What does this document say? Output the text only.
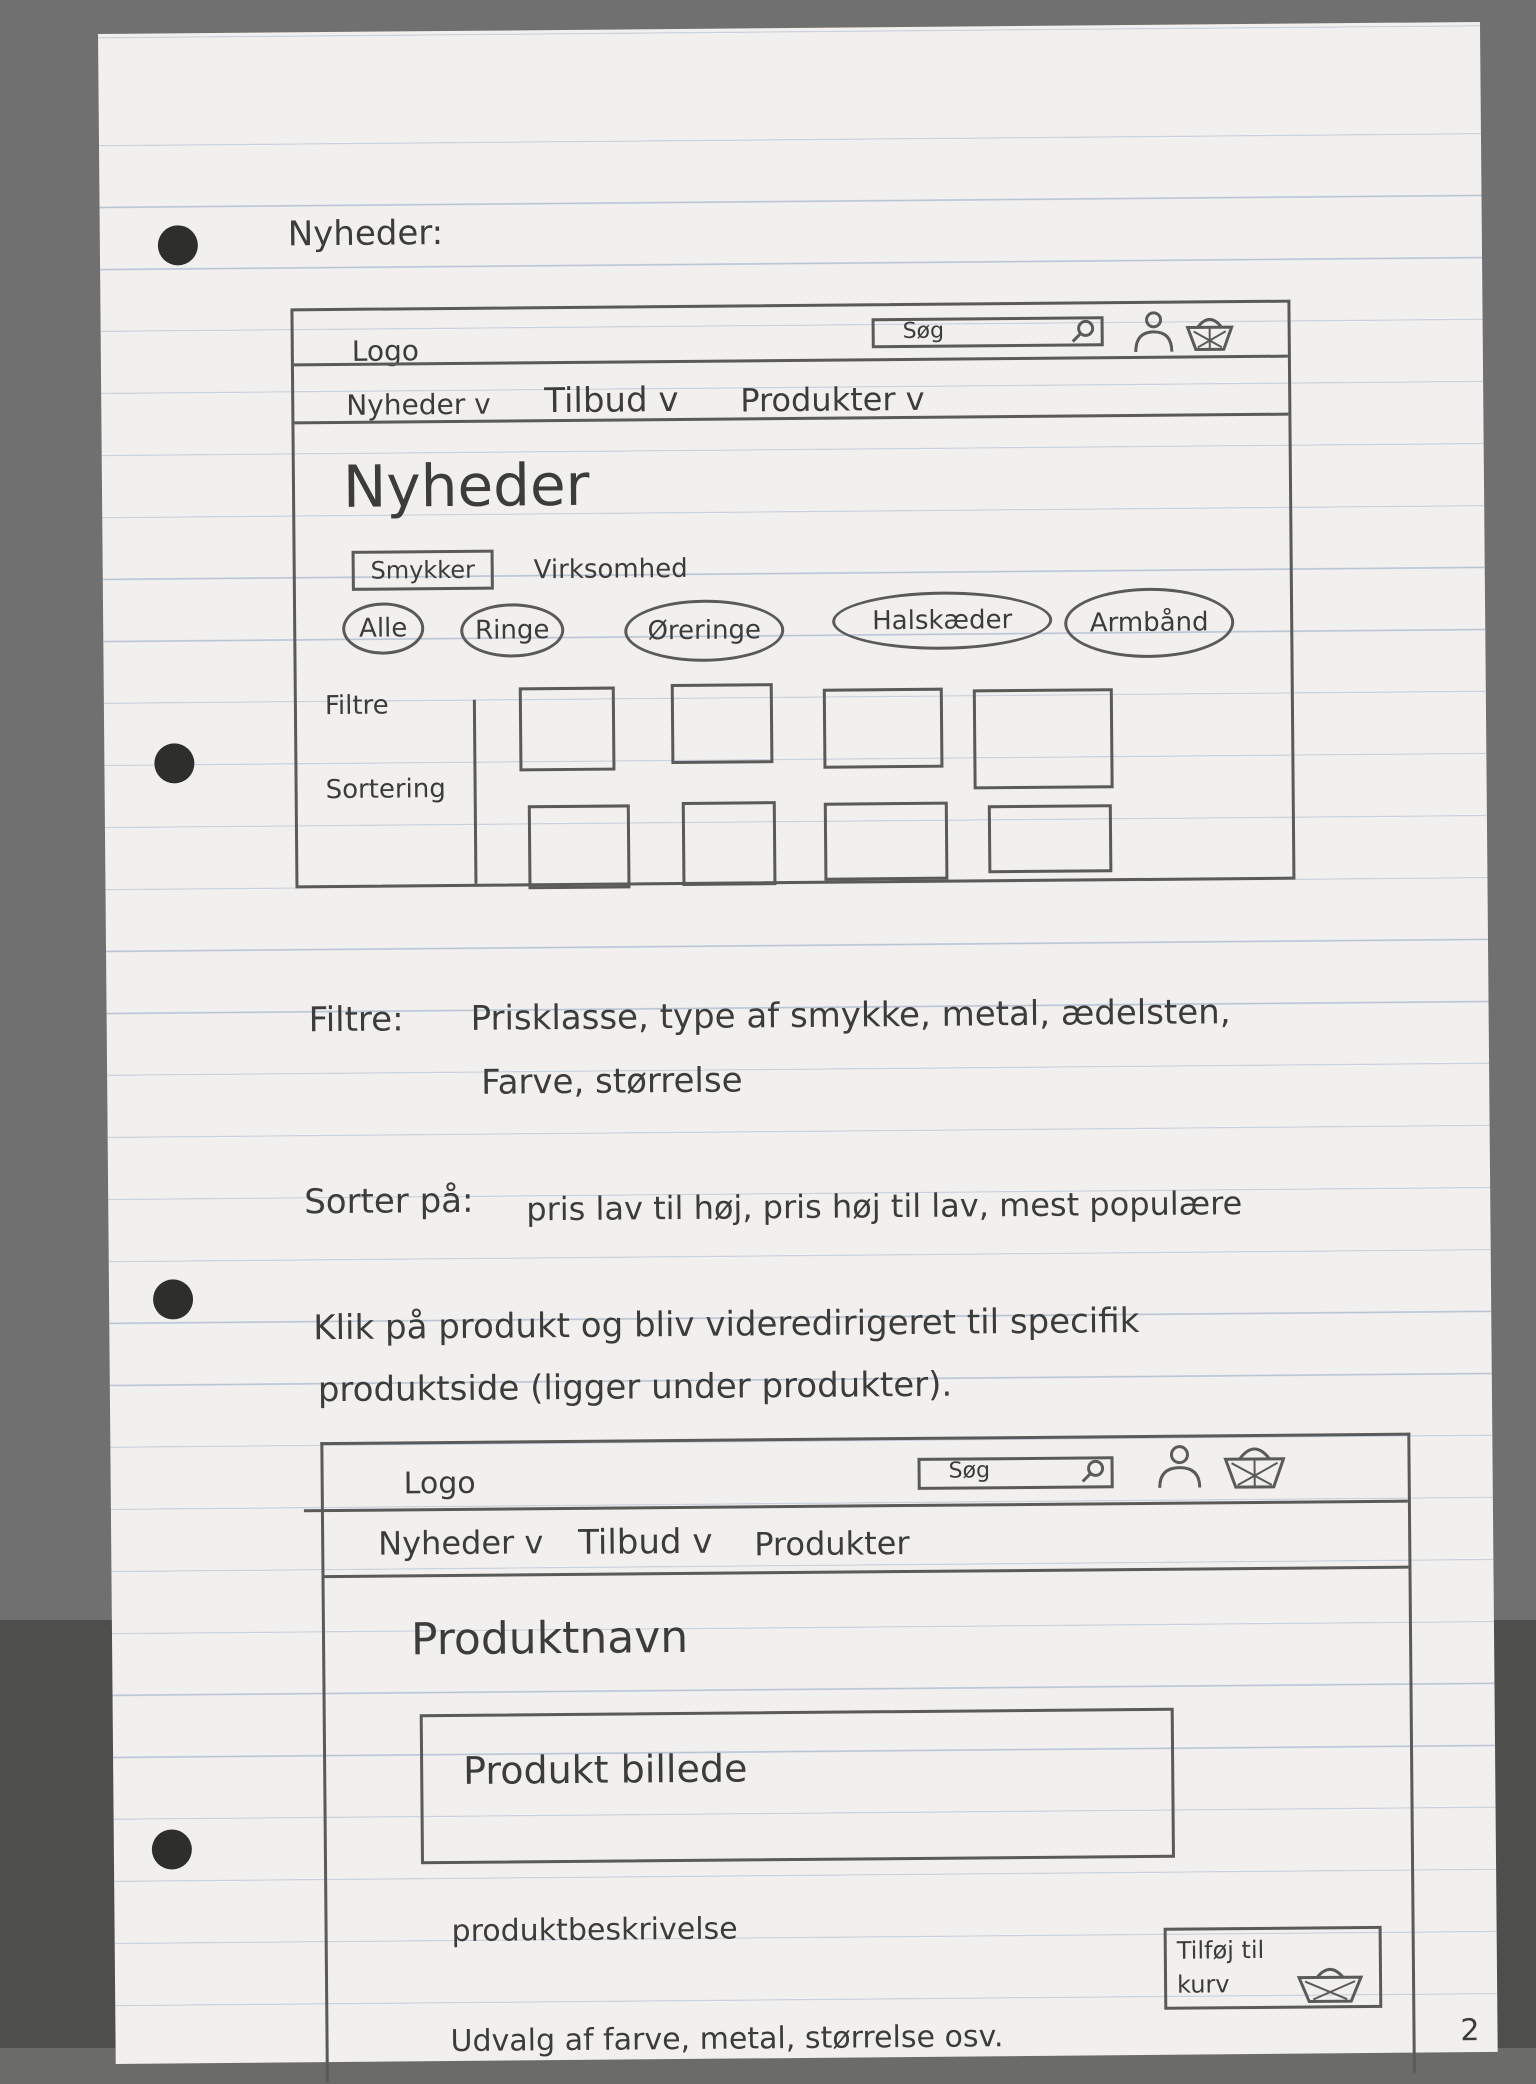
Nyheder:
Logo
Søg
Nyheder v Tilbud v Produkter v
Nyheder
Smykker Virksomhed
Alle	Ringe	Øreringe	Halskæder	Armbånd
Filtre
Sortering
Filtre: Prisklasse, type af smykke, metal, ædelsten,
Farve, størrelse
Sorter på: pris lav til høj, pris høj til lav, mest populære
Klik på produkt og bliv videredirigeret til specifik
produktside (ligger under produkter).
Logo	Søg
Nyheder v Tilbud v Produkter
Produktnavn
Produkt billede
produktbeskrivelse
Tilføj til
kurv
Udvalg af farve, metal, størrelse osv.	2
